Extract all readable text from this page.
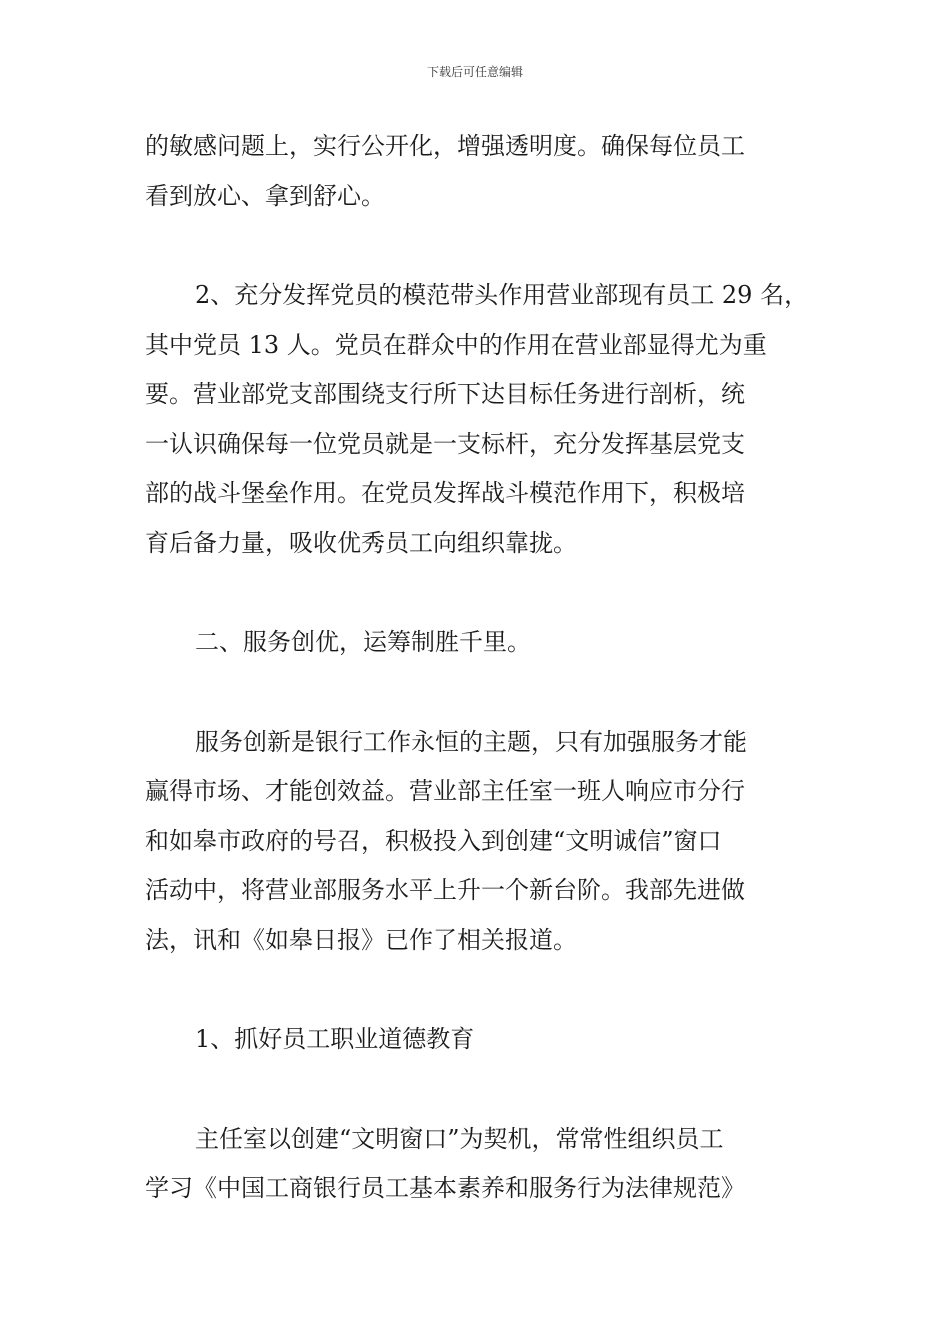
下载后可任意编辑
的敏感问题上，实行公开化，增强透明度。确保每位员工
看到放心、拿到舒心。
2、充分发挥党员的模范带头作用营业部现有员工 29 名，
其中党员 13 人。党员在群众中的作用在营业部显得尤为重
要。营业部党支部围绕支行所下达目标任务进行剖析，统
一认识确保每一位党员就是一支标杆，充分发挥基层党支
部的战斗堡垒作用。在党员发挥战斗模范作用下，积极培
育后备力量，吸收优秀员工向组织靠拢。
二、服务创优，运筹制胜千里。
服务创新是银行工作永恒的主题，只有加强服务才能
赢得市场、才能创效益。营业部主任室一班人响应市分行
和如皋市政府的号召，积极投入到创建“文明诚信”窗口
活动中，将营业部服务水平上升一个新台阶。我部先进做
法，讯和《如皋日报》已作了相关报道。
1、抓好员工职业道德教育
主任室以创建“文明窗口”为契机，常常性组织员工
学习《中国工商银行员工基本素养和服务行为法律规范》
